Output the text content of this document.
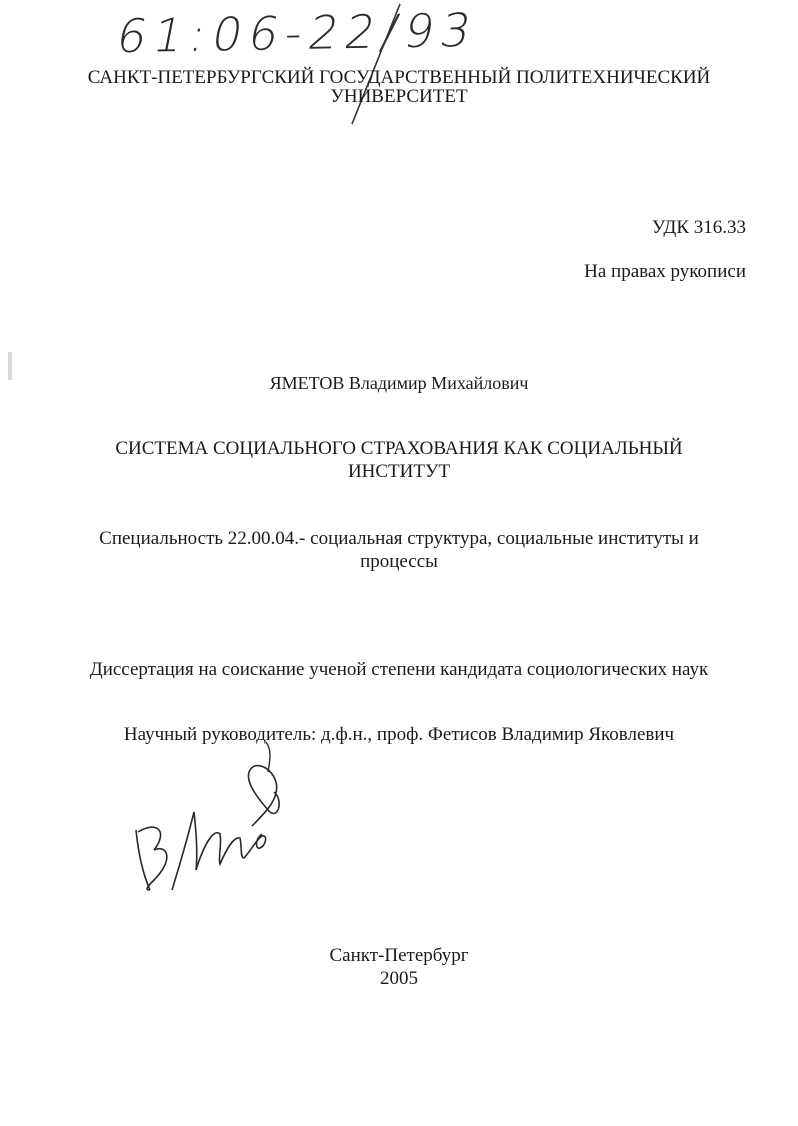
61:06-22/93

САНКТ-ПЕТЕРБУРГСКИЙ ГОСУДАРСТВЕННЫЙ ПОЛИТЕХНИЧЕСКИЙ

УНИВЕРСИТЕТ

УДК 316.33

На правах рукописи

ЯМЕТОВ Владимир Михайлович

СИСТЕМА СОЦИАЛЬНОГО СТРАХОВАНИЯ КАК СОЦИАЛЬНЫЙ

ИНСТИТУТ

Специальность 22.00.04.- социальная структура, социальные институты и

процессы

Диссертация на соискание ученой степени кандидата социологических наук

Научный руководитель: д.ф.н., проф. Фетисов Владимир Яковлевич

Санкт-Петербург

2005
